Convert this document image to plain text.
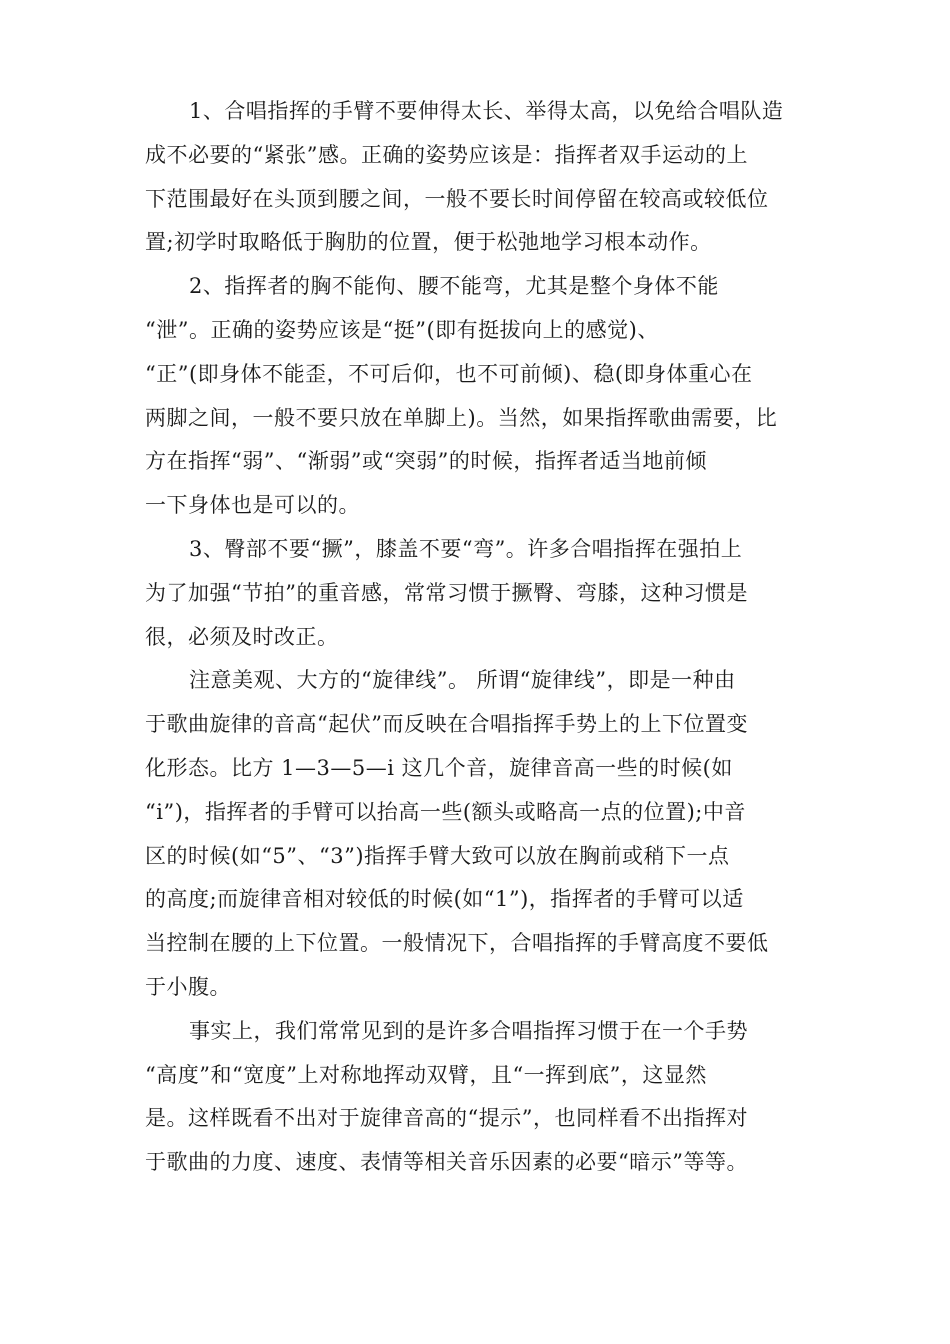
1、合唱指挥的手臂不要伸得太长、举得太高，以免给合唱队造
成不必要的“紧张”感。正确的姿势应该是：指挥者双手运动的上
下范围最好在头顶到腰之间，一般不要长时间停留在较高或较低位
置;初学时取略低于胸肋的位置，便于松弛地学习根本动作。

2、指挥者的胸不能佝、腰不能弯，尤其是整个身体不能
“泄”。正确的姿势应该是“挺”(即有挺拔向上的感觉)、
“正”(即身体不能歪，不可后仰，也不可前倾)、稳(即身体重心在
两脚之间，一般不要只放在单脚上)。当然，如果指挥歌曲需要，比
方在指挥“弱”、“渐弱”或“突弱”的时候，指挥者适当地前倾
一下身体也是可以的。

3、臀部不要“撅”，膝盖不要“弯”。许多合唱指挥在强拍上
为了加强“节拍”的重音感，常常习惯于撅臀、弯膝，这种习惯是
很，必须及时改正。

注意美观、大方的“旋律线”。 所谓“旋律线”，即是一种由
于歌曲旋律的音高“起伏”而反映在合唱指挥手势上的上下位置变
化形态。比方 1—3—5—i 这几个音，旋律音高一些的时候(如
“i”)，指挥者的手臂可以抬高一些(额头或略高一点的位置);中音
区的时候(如“5”、“3”)指挥手臂大致可以放在胸前或稍下一点
的高度;而旋律音相对较低的时候(如“1”)，指挥者的手臂可以适
当控制在腰的上下位置。一般情况下，合唱指挥的手臂高度不要低
于小腹。

事实上，我们常常见到的是许多合唱指挥习惯于在一个手势
“高度”和“宽度”上对称地挥动双臂，且“一挥到底”，这显然
是。这样既看不出对于旋律音高的“提示”，也同样看不出指挥对
于歌曲的力度、速度、表情等相关音乐因素的必要“暗示”等等。
